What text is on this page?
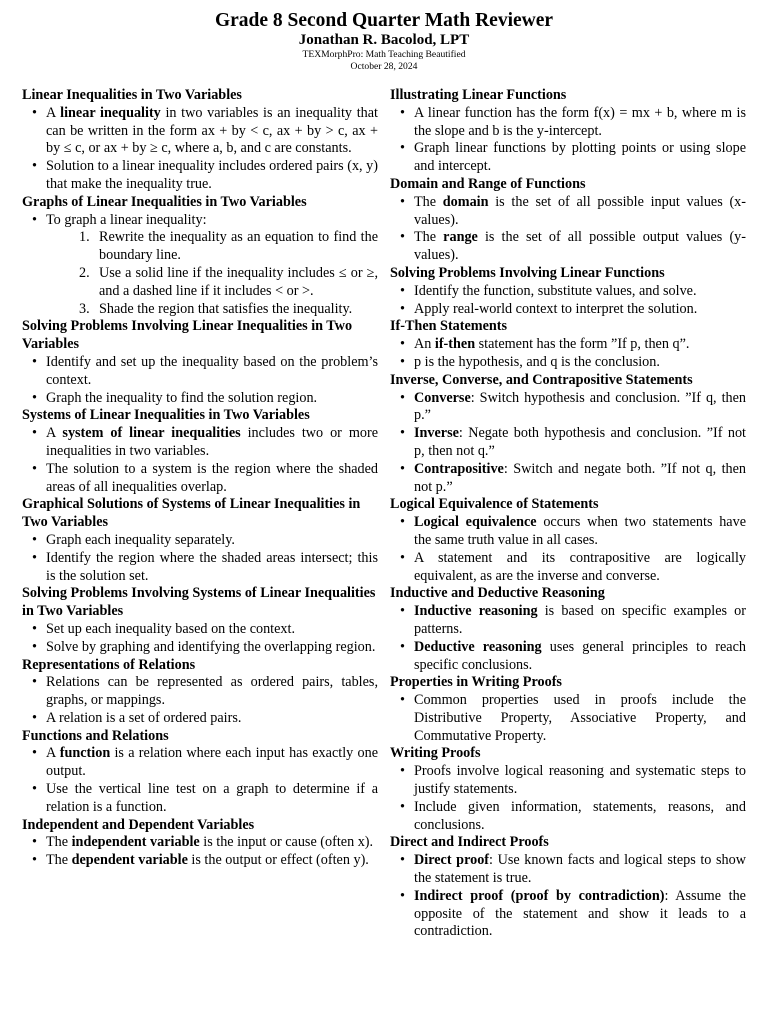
Grade 8 Second Quarter Math Reviewer

Jonathan R. Bacolod, LPT

TEXMorphPro: Math Teaching Beautified

October 28, 2024

Linear Inequalities in Two Variables
• A linear inequality in two variables is an inequality that can be written in the form ax + by < c, ax + by > c, ax + by ≤ c, or ax + by ≥ c, where a, b, and c are constants.
• Solution to a linear inequality includes ordered pairs (x, y) that make the inequality true.
Graphs of Linear Inequalities in Two Variables
• To graph a linear inequality:
1. Rewrite the inequality as an equation to find the boundary line.
2. Use a solid line if the inequality includes ≤ or ≥, and a dashed line if it includes < or >.
3. Shade the region that satisfies the inequality.
Solving Problems Involving Linear Inequalities in Two Variables
• Identify and set up the inequality based on the problem’s context.
• Graph the inequality to find the solution region.
Systems of Linear Inequalities in Two Variables
• A system of linear inequalities includes two or more inequalities in two variables.
• The solution to a system is the region where the shaded areas of all inequalities overlap.
Graphical Solutions of Systems of Linear Inequalities in Two Variables
• Graph each inequality separately.
• Identify the region where the shaded areas intersect; this is the solution set.
Solving Problems Involving Systems of Linear Inequalities in Two Variables
• Set up each inequality based on the context.
• Solve by graphing and identifying the overlapping region.
Representations of Relations
• Relations can be represented as ordered pairs, tables, graphs, or mappings.
• A relation is a set of ordered pairs.
Functions and Relations
• A function is a relation where each input has exactly one output.
• Use the vertical line test on a graph to determine if a relation is a function.
Independent and Dependent Variables
• The independent variable is the input or cause (often x).
• The dependent variable is the output or effect (often y).
Illustrating Linear Functions
• A linear function has the form f(x) = mx + b, where m is the slope and b is the y-intercept.
• Graph linear functions by plotting points or using slope and intercept.
Domain and Range of Functions
• The domain is the set of all possible input values (x-values).
• The range is the set of all possible output values (y-values).
Solving Problems Involving Linear Functions
• Identify the function, substitute values, and solve.
• Apply real-world context to interpret the solution.
If-Then Statements
• An if-then statement has the form ”If p, then q”.
• p is the hypothesis, and q is the conclusion.
Inverse, Converse, and Contrapositive Statements
• Converse: Switch hypothesis and conclusion. ”If q, then p.”
• Inverse: Negate both hypothesis and conclusion. ”If not p, then not q.”
• Contrapositive: Switch and negate both. ”If not q, then not p.”
Logical Equivalence of Statements
• Logical equivalence occurs when two statements have the same truth value in all cases.
• A statement and its contrapositive are logically equivalent, as are the inverse and converse.
Inductive and Deductive Reasoning
• Inductive reasoning is based on specific examples or patterns.
• Deductive reasoning uses general principles to reach specific conclusions.
Properties in Writing Proofs
• Common properties used in proofs include the Distributive Property, Associative Property, and Commutative Property.
Writing Proofs
• Proofs involve logical reasoning and systematic steps to justify statements.
• Include given information, statements, reasons, and conclusions.
Direct and Indirect Proofs
• Direct proof: Use known facts and logical steps to show the statement is true.
• Indirect proof (proof by contradiction): Assume the opposite of the statement and show it leads to a contradiction.
